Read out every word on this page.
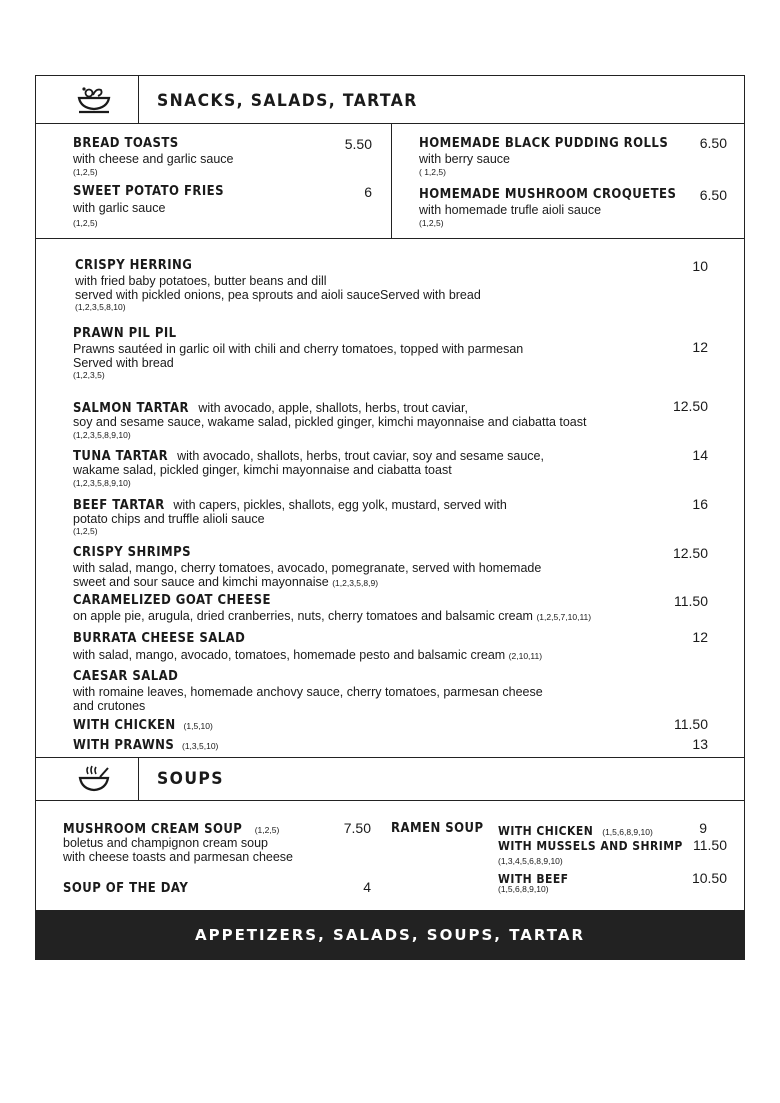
SNACKS, SALADS, TARTAR
BREAD TOASTS
with cheese and garlic sauce
(1,2,5)
5.50
SWEET POTATO FRIES
with garlic sauce
(1,2,5)
6
HOMEMADE BLACK PUDDING ROLLS
with berry sauce
( 1,2,5)
6.50
HOMEMADE MUSHROOM CROQUETES
with homemade trufle aioli sauce
(1,2,5)
6.50
CRISPY HERRING
with fried baby potatoes, butter beans and dill
served with pickled onions, pea sprouts and aioli sauceServed with bread
(1,2,3,5,8,10)
10
PRAWN PIL PIL
Prawns sautéed in garlic oil with chili and cherry tomatoes, topped with parmesan
Served with bread
(1,2,3,5)
12
SALMON TARTAR with avocado, apple, shallots, herbs, trout caviar,
soy and sesame sauce, wakame salad, pickled ginger, kimchi mayonnaise and ciabatta toast
(1,2,3,5,8,9,10)
12.50
TUNA TARTAR with avocado, shallots, herbs, trout caviar, soy and sesame sauce,
wakame salad, pickled ginger, kimchi mayonnaise and ciabatta toast
(1,2,3,5,8,9,10)
14
BEEF TARTAR with capers, pickles, shallots, egg yolk, mustard, served with
potato chips and truffle alioli sauce
(1,2,5)
16
CRISPY SHRIMPS
with salad, mango, cherry tomatoes, avocado, pomegranate, served with homemade
sweet and sour sauce and kimchi mayonnaise (1,2,3,5,8,9)
12.50
CARAMELIZED GOAT CHEESE
on apple pie, arugula, dried cranberries, nuts, cherry tomatoes and balsamic cream (1,2,5,7,10,11)
11.50
BURRATA CHEESE SALAD
with salad, mango, avocado, tomatoes, homemade pesto and balsamic cream (2,10,11)
12
CAESAR SALAD
with romaine leaves, homemade anchovy sauce, cherry tomatoes, parmesan cheese
and crutones
WITH CHICKEN (1,5,10)	11.50
WITH PRAWNS (1,3,5,10)	13
SOUPS
MUSHROOM CREAM SOUP (1,2,5)
boletus and champignon cream soup
with cheese toasts and parmesan cheese
7.50
SOUP OF THE DAY	4
RAMEN SOUP WITH CHICKEN (1,5,6,8,9,10)	9
WITH MUSSELS AND SHRIMP
(1,3,4,5,6,8,9,10)
11.50
WITH BEEF
(1,5,6,8,9,10)
10.50
APPETIZERS, SALADS, SOUPS, TARTAR
